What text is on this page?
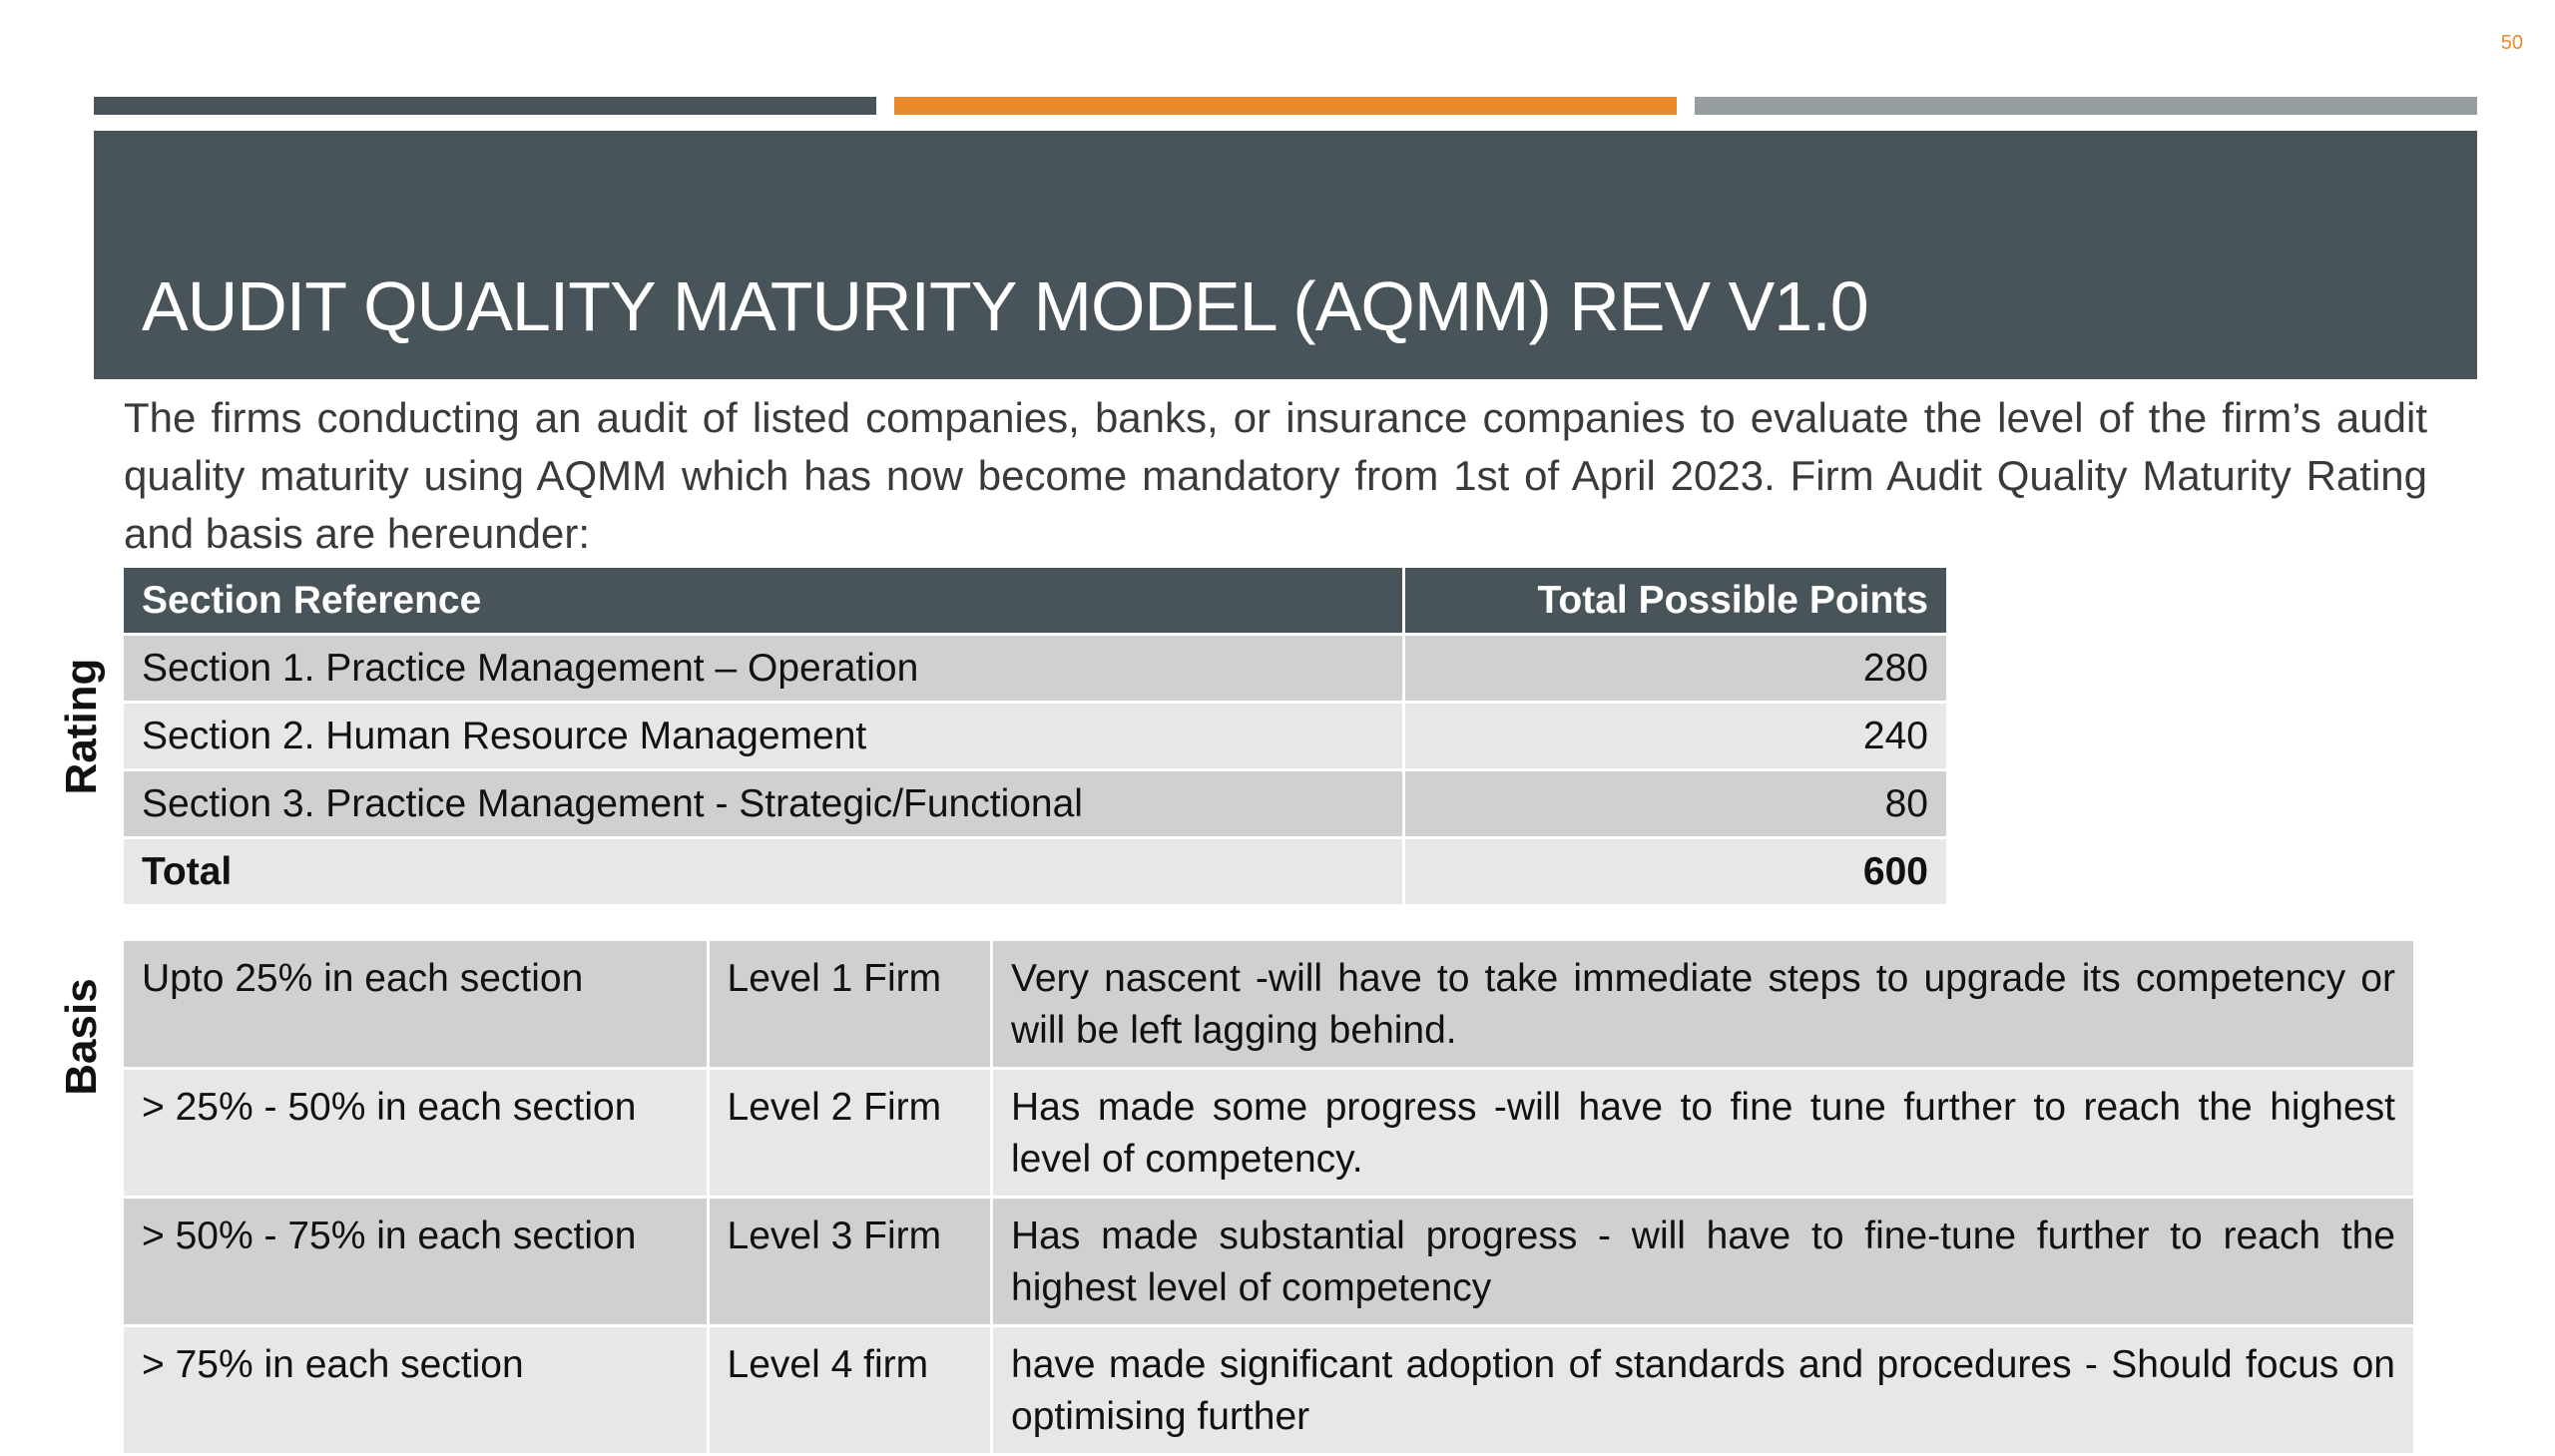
50
AUDIT QUALITY MATURITY MODEL (AQMM) REV V1.0
The firms conducting an audit of listed companies, banks, or insurance companies to evaluate the level of the firm’s audit quality maturity using AQMM which has now become mandatory from 1st of April 2023. Firm Audit Quality Maturity Rating and basis are hereunder:
Rating
Basis
Section Reference	Total Possible Points
Section 1. Practice Management – Operation	280
Section 2. Human Resource Management	240
Section 3. Practice Management - Strategic/Functional	80
Total	600
Upto 25% in each section	Level 1 Firm	Very nascent -will have to take immediate steps to upgrade its competency or will be left lagging behind.
> 25% - 50% in each section	Level 2 Firm	Has made some progress -will have to fine tune further to reach the highest level of competency.
> 50% - 75% in each section	Level 3 Firm	Has made substantial progress - will have to fine-tune further to reach the highest level of competency
> 75% in each section	Level 4 firm	have made significant adoption of standards and procedures - Should focus on optimising further
